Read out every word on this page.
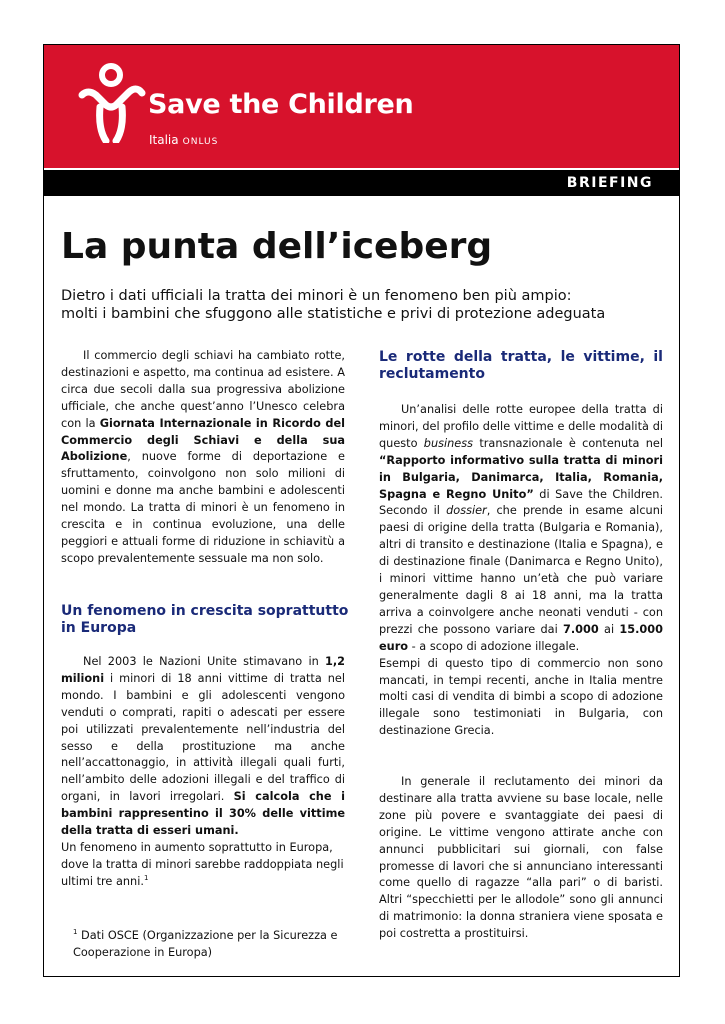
Save the Children
Italia ONLUS
BRIEFING
La punta dell’iceberg
Dietro i dati ufficiali la tratta dei minori è un fenomeno ben più ampio:
molti i bambini che sfuggono alle statistiche e privi di protezione adeguata

Il commercio degli schiavi ha cambiato rotte, destinazioni e aspetto, ma continua ad esistere. A circa due secoli dalla sua progressiva abolizione ufficiale, che anche quest’anno l’Unesco celebra con la Giornata Internazionale in Ricordo del Commercio degli Schiavi e della sua Abolizione, nuove forme di deportazione e sfruttamento, coinvolgono non solo milioni di uomini e donne ma anche bambini e adolescenti nel mondo. La tratta di minori è un fenomeno in crescita e in continua evoluzione, una delle peggiori e attuali forme di riduzione in schiavitù a scopo prevalentemente sessuale ma non solo.

Un fenomeno in crescita soprattutto in Europa

Nel 2003 le Nazioni Unite stimavano in 1,2 milioni i minori di 18 anni vittime di tratta nel mondo. I bambini e gli adolescenti vengono venduti o comprati, rapiti o adescati per essere poi utilizzati prevalentemente nell’industria del sesso e della prostituzione ma anche nell’accattonaggio, in attività illegali quali furti, nell’ambito delle adozioni illegali e del traffico di organi, in lavori irregolari. Si calcola che i bambini rappresentino il 30% delle vittime della tratta di esseri umani.

Un fenomeno in aumento soprattutto in Europa, dove la tratta di minori sarebbe raddoppiata negli ultimi tre anni.$^1$

$^1$ Dati OSCE (Organizzazione per la Sicurezza e Cooperazione in Europa)
Le rotte della tratta, le vittime, il reclutamento

Un’analisi delle rotte europee della tratta di minori, del profilo delle vittime e delle modalità di questo business transnazionale è contenuta nel “Rapporto informativo sulla tratta di minori in Bulgaria, Danimarca, Italia, Romania, Spagna e Regno Unito” di Save the Children. Secondo il dossier, che prende in esame alcuni paesi di origine della tratta (Bulgaria e Romania), altri di transito e destinazione (Italia e Spagna), e di destinazione finale (Danimarca e Regno Unito), i minori vittime hanno un’età che può variare generalmente dagli 8 ai 18 anni, ma la tratta arriva a coinvolgere anche neonati venduti - con prezzi che possono variare dai 7.000 ai 15.000 euro - a scopo di adozione illegale.

Esempi di questo tipo di commercio non sono mancati, in tempi recenti, anche in Italia mentre molti casi di vendita di bimbi a scopo di adozione illegale sono testimoniati in Bulgaria, con destinazione Grecia.

In generale il reclutamento dei minori da destinare alla tratta avviene su base locale, nelle zone più povere e svantaggiate dei paesi di origine. Le vittime vengono attirate anche con annunci pubblicitari sui giornali, con false promesse di lavori che si annunciano interessanti come quello di ragazze “alla pari” o di baristi. Altri “specchietti per le allodole” sono gli annunci di matrimonio: la donna straniera viene sposata e poi costretta a prostituirsi.
